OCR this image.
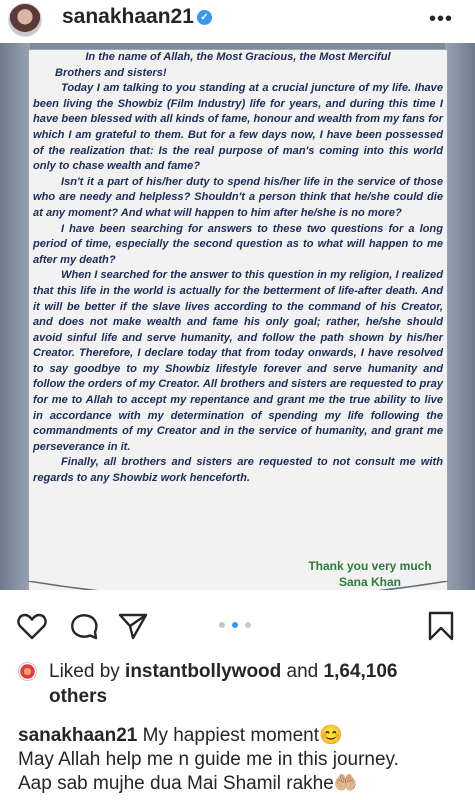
sanakhaan21 ✓	•••

In the name of Allah, the Most Gracious, the Most Merciful

Brothers and sisters!

Today I am talking to you standing at a crucial juncture of my life. Ihave been living the Showbiz (Film Industry) life for years, and during this time I have been blessed with all kinds of fame, honour and wealth from my fans for which I am grateful to them. But for a few days now, I have been possessed of the realization that: Is the real purpose of man's coming into this world only to chase wealth and fame?

Isn't it a part of his/her duty to spend his/her life in the service of those who are needy and helpless? Shouldn't a person think that he/she could die at any moment? And what will happen to him after he/she is no more?

I have been searching for answers to these two questions for a long period of time, especially the second question as to what will happen to me after my death?

When I searched for the answer to this question in my religion, I realized that this life in the world is actually for the betterment of life-after death. And it will be better if the slave lives according to the command of his Creator, and does not make wealth and fame his only goal; rather, he/she should avoid sinful life and serve humanity, and follow the path shown by his/her Creator. Therefore, I declare today that from today onwards, I have resolved to say goodbye to my Showbiz lifestyle forever and serve humanity and follow the orders of my Creator. All brothers and sisters are requested to pray for me to Allah to accept my repentance and grant me the true ability to live in accordance with my determination of spending my life following the commandments of my Creator and in the service of humanity, and grant me perseverance in it.

Finally, all brothers and sisters are requested to not consult me with regards to any Showbiz work henceforth.

Thank you very much
Sana Khan
Liked by instantbollywood and 1,64,106
others
sanakhaan21 My happiest moment😊
May Allah help me n guide me in this journey.
Aap sab mujhe dua Mai Shamil rakhe🤲🏼
